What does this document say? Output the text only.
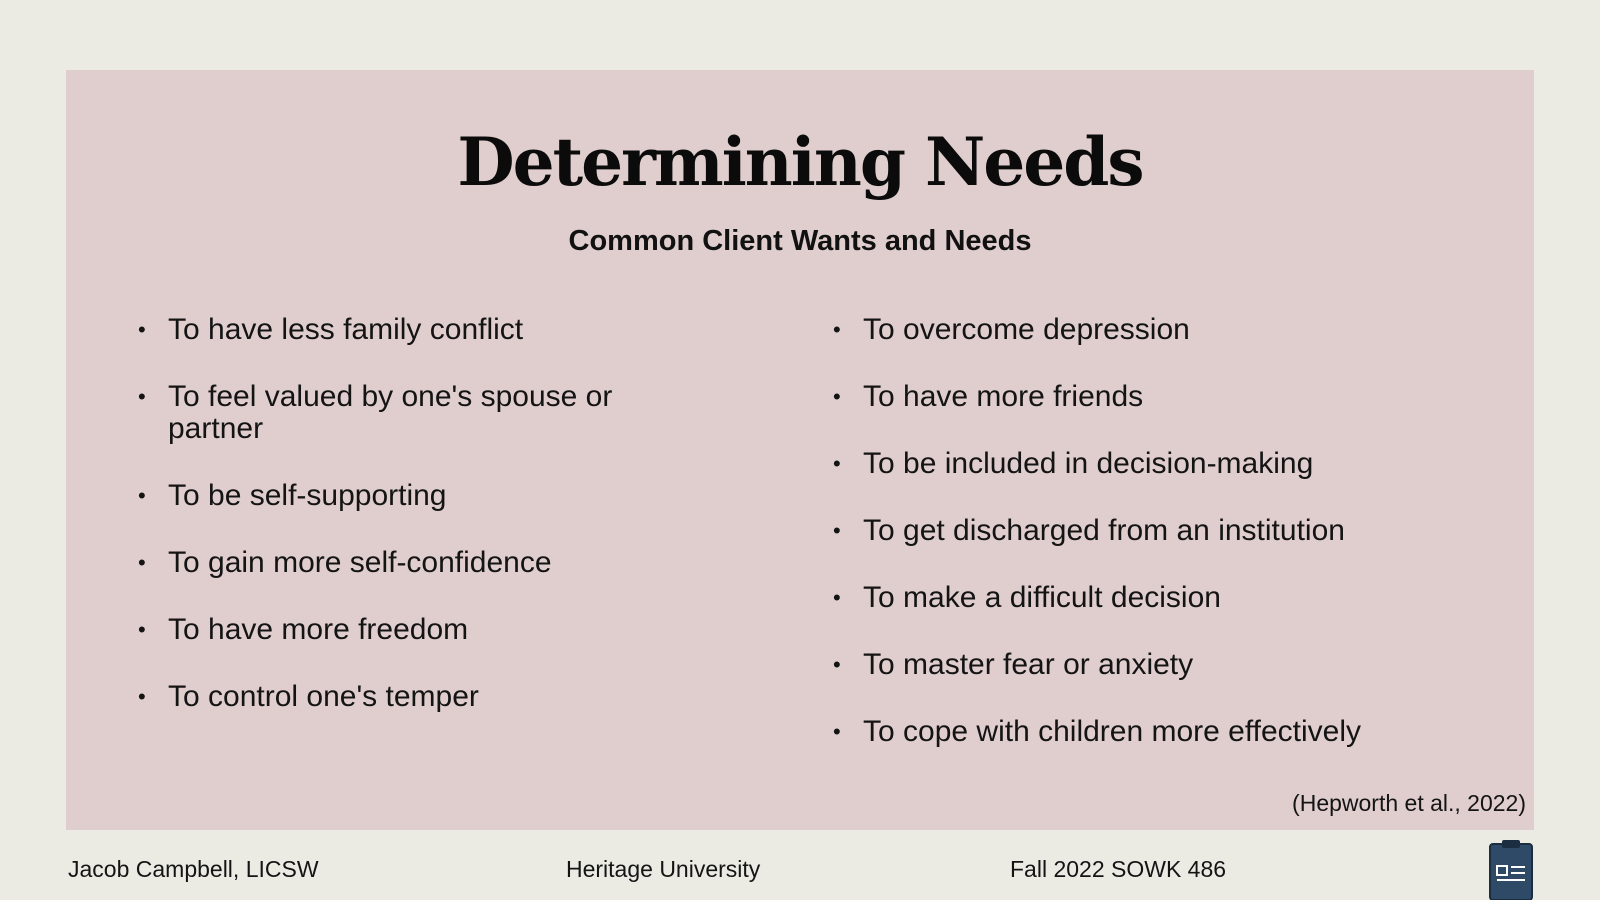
Determining Needs

Common Client Wants and Needs

• To have less family conflict
• To feel valued by one's spouse or partner
• To be self-supporting
• To gain more self-confidence
• To have more freedom
• To control one's temper
• To overcome depression
• To have more friends
• To be included in decision-making
• To get discharged from an institution
• To make a difficult decision
• To master fear or anxiety
• To cope with children more effectively

(Hepworth et al., 2022)

Jacob Campbell, LICSW	Heritage University	Fall 2022 SOWK 486
